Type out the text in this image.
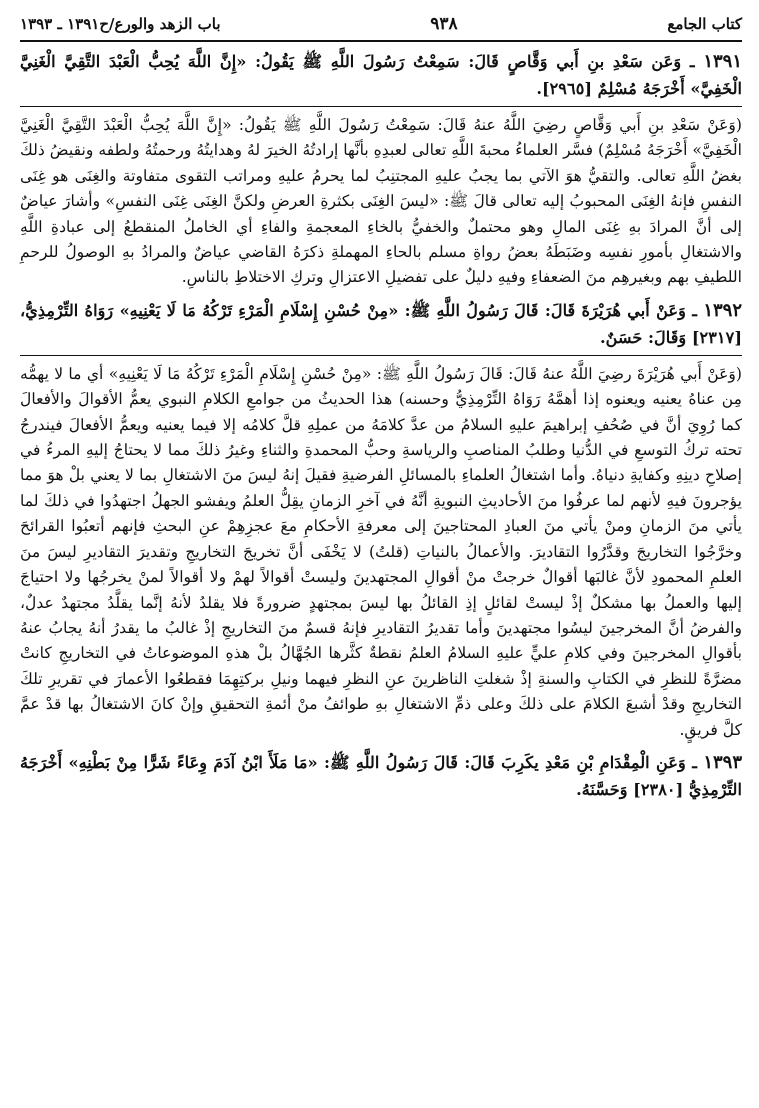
كتاب الجامع
٩٣٨
باب الزهد والورع/ح١٣٩١ ـ ١٣٩٣

١٣٩١ ـ وَعَن سَعْدِ بنِ أَبي وَقَّاصٍ قَالَ: سَمِعْتُ رَسُولَ اللَّهِ ﷺ يَقُولُ: «إِنَّ اللَّهَ يُحِبُّ الْعَبْدَ التَّقِيَّ الْغَنِيَّ الْخَفِيَّ» أَخْرَجَهُ مُسْلِمٌ [٢٩٦٥].

(وَعَنْ سَعْدِ بنِ أَبي وَقَّاصٍ رضِيَ اللَّهُ عنهُ قَالَ: سَمِعْتُ رَسُولَ اللَّهِ ﷺ يَقُولُ: «إِنَّ اللَّهَ يُحِبُّ الْعَبْدَ التَّقِيَّ الْغَنِيَّ الْخَفِيَّ» أَخْرَجَهُ مُسْلِمٌ) فسَّر العلماءُ محبةَ اللَّهِ تعالى لعبدِهِ بأنَّها إرادتُهُ الخيرَ لهُ وهدايتُهُ ورحمتُهُ ولطفه ونقيضُ ذلكَ بغضُ اللَّهِ تعالى. والتقيُّ هوَ الآتي بما يجبُ عليهِ المجتنِبُ لما يحرمُ عليهِ ومراتب التقوى متفاوتة والغِنَى هو غِنَى النفسِ فإنهُ الغِنَى المحبوبُ إليه تعالى قالَ ﷺ: «ليسَ الغِنَى بكثرةِ العرضِ ولكنَّ الغِنَى غِنَى النفسِ» وأشارَ عياضٌ إلى أنَّ المرادَ بهِ غِنَى المالِ وهو محتملٌ والخفيُّ بالخاءِ المعجمةِ والفاءِ أي الخاملُ المنقطعُ إلى عبادةِ اللَّهِ والاشتغالِ بأمورِ نفسِه وضَبَطَهُ بعضُ رواةِ مسلم بالحاءِ المهملةِ ذكرَهُ القاضي عياضٌ والمرادُ بهِ الوصولُ للرحمِ اللطيفِ بهم وبغيرهِم منَ الضعفاءِ وفيهِ دليلٌ على تفضيلِ الاعتزالِ وتركِ الاختلاطِ بالناسِ.

١٣٩٢ ـ وَعَنْ أَبي هُرَيْرَةَ قَالَ: قَالَ رَسُولُ اللَّهِ ﷺ: «مِنْ حُسْنِ إِسْلَامِ الْمَرْءِ تَرْكُهُ مَا لَا يَعْنِيهِ» رَوَاهُ التِّرْمِذِيُّ، [٢٣١٧] وَقَالَ: حَسَنٌ.

(وَعَنْ أَبي هُرَيْرَةَ رضِيَ اللَّهُ عنهُ قَالَ: قَالَ رَسُولُ اللَّهِ ﷺ: «مِنْ حُسْنِ إِسْلَامِ الْمَرْءِ تَرْكُهُ مَا لَا يَعْنِيهِ» أي ما لا يهمُّه مِن عناهُ يعنيه ويعنوه إذا أهمَّهُ رَوَاهُ التِّرْمِذِيُّ وحسنه) هذا الحديثُ من جوامعِ الكلامِ النبوي يعمُّ الأقوالَ والأفعالَ كما رُوِيَ أنَّ في صُحُفِ إبراهيمَ عليهِ السلامُ من عدَّ كلامَهُ من عملِهِ قلَّ كلامُه إلا فيما يعنيه ويعمُّ الأفعالَ فيندرجُ تحته تركُ التوسعِ في الدُّنيا وطلبُ المناصبِ والرياسةِ وحبُّ المحمدةِ والثناءِ وغيرُ ذلكَ مما لا يحتاجُ إليهِ المرءُ في إصلاحِ دينِهِ وكفايةِ دنياهُ. وأما اشتغالُ العلماءِ بالمسائلِ الفرضيةِ فقيلَ إنهُ ليسَ منَ الاشتغالِ بما لا يعني بلْ هوَ مما يؤجرونَ فيهِ لأنهم لما عرفُوا منَ الأحاديثِ النبويةِ أنَّهُ في آخرِ الزمانِ يقِلُّ العلمُ ويفشو الجهلُ اجتهدُوا في ذلكَ لما يأتي منَ الزمانِ ومنْ يأتي منَ العبادِ المحتاجينَ إلى معرفةِ الأحكامِ معَ عجزِهِمْ عنِ البحثِ فإنهم أتعبُوا القرائحَ وخرَّجُوا التخاريجَ وقدَّرُوا التقاديرَ. والأعمالُ بالنياتِ (قلتُ) لا يَخْفَى أنَّ تخريجَ التخاريجِ وتقديرَ التقاديرِ ليسَ منَ العلمِ المحمودِ لأنَّ غالبَها أقوالٌ خرجتْ منْ أقوالِ المجتهدينَ وليستْ أقوالاً لهمْ ولا أقوالاً لمنْ يخرجُها ولا احتياجَ إليها والعملُ بها مشكلٌ إذْ ليستْ لقائلٍ إذِ القائلُ بها ليسَ بمجتهدٍ ضرورةً فلا يقلدُ لأنهُ إنَّما يقلَّدُ مجتهدٌ عدلٌ، والفرضُ أنَّ المخرجينَ ليسُوا مجتهدينَ وأما تقديرُ التقاديرِ فإنهُ قسمٌ منَ التخاريجِ إذْ غالبُ ما يقدرُ أنهُ يجابُ عنهُ بأقوالِ المخرجينَ وفي كلامِ عليٍّ عليهِ السلامُ العلمُ نقطةٌ كثَّرها الجُهَّالُ بلْ هذهِ الموضوعاتُ في التخاريجِ كانتْ مضرَّةً للنظرِ في الكتابِ والسنةِ إذْ شغلتِ الناظرينَ عنِ النظرِ فيهما ونيلِ بركتِهِمَا فقطعُوا الأعمارَ في تقريرِ تلكَ التخاريجِ وقدْ أشبعَ الكلامَ على ذلكَ وعلى ذمِّ الاشتغالِ بهِ طوائفُ منْ أئمةِ التحقيقِ وإنْ كانَ الاشتغالُ بها قدْ عمَّ كلَّ فريقٍ.

١٣٩٣ ـ وَعَنِ الْمِقْدَامِ بْنِ مَعْدِ يكَرِبَ قَالَ: قَالَ رَسُولُ اللَّهِ ﷺ: «مَا مَلَأَ ابْنُ آدَمَ وِعَاءً شَرًّا مِنْ بَطْنِهِ» أَخْرَجَهُ التِّرْمِذِيُّ [٢٣٨٠] وَحَسَّنَهُ.
